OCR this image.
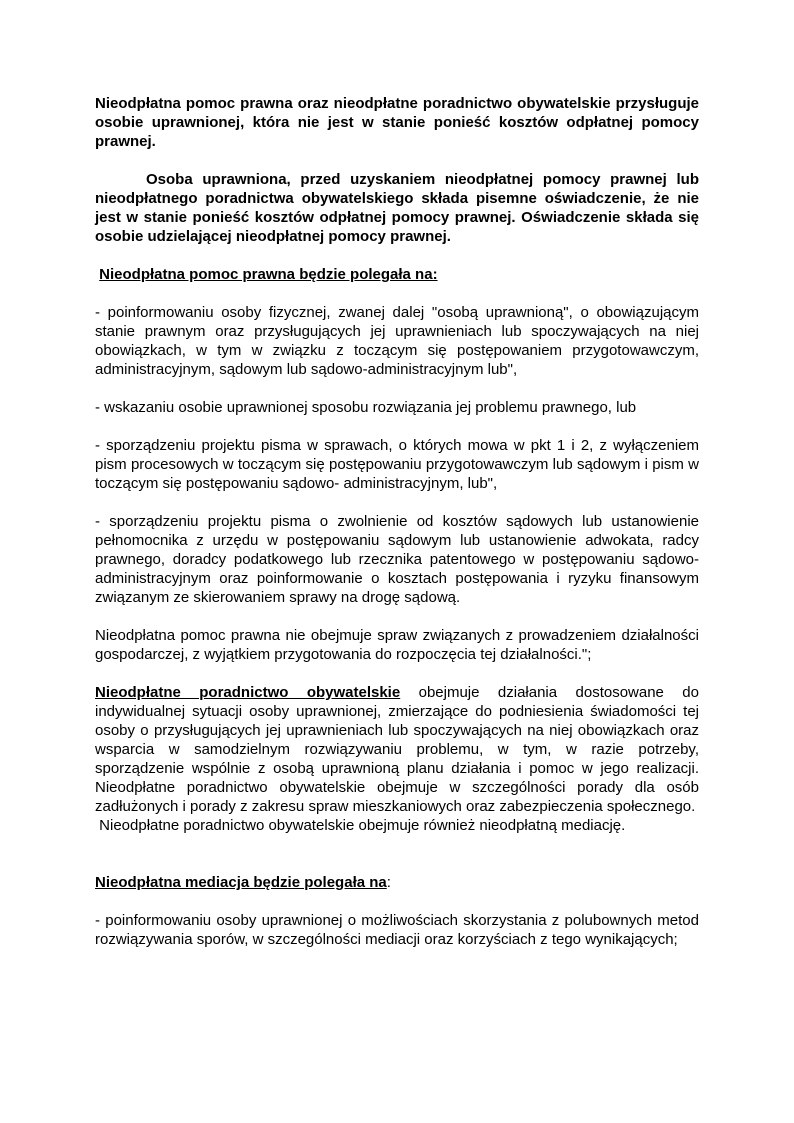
Nieodpłatna pomoc prawna oraz nieodpłatne poradnictwo obywatelskie przysługuje osobie uprawnionej, która nie jest w stanie ponieść kosztów odpłatnej pomocy prawnej.

Osoba uprawniona, przed uzyskaniem nieodpłatnej pomocy prawnej lub nieodpłatnego poradnictwa obywatelskiego składa pisemne oświadczenie, że nie jest w stanie ponieść kosztów odpłatnej pomocy prawnej. Oświadczenie składa się osobie udzielającej nieodpłatnej pomocy prawnej.

Nieodpłatna pomoc prawna będzie polegała na:

- poinformowaniu osoby fizycznej, zwanej dalej "osobą uprawnioną", o obowiązującym stanie prawnym oraz przysługujących jej uprawnieniach lub spoczywających na niej obowiązkach, w tym w związku z toczącym się postępowaniem przygotowawczym, administracyjnym, sądowym lub sądowo-administracyjnym lub",

- wskazaniu osobie uprawnionej sposobu rozwiązania jej problemu prawnego, lub

- sporządzeniu projektu pisma w sprawach, o których mowa w pkt 1 i 2, z wyłączeniem pism procesowych w toczącym się postępowaniu przygotowawczym lub sądowym i pism w toczącym się postępowaniu sądowo- administracyjnym, lub",

- sporządzeniu projektu pisma o zwolnienie od kosztów sądowych lub ustanowienie pełnomocnika z urzędu w postępowaniu sądowym lub ustanowienie adwokata, radcy prawnego, doradcy podatkowego lub rzecznika patentowego w postępowaniu sądowo- administracyjnym oraz poinformowanie o kosztach postępowania i ryzyku finansowym związanym ze skierowaniem sprawy na drogę sądową.

Nieodpłatna pomoc prawna nie obejmuje spraw związanych z prowadzeniem działalności gospodarczej, z wyjątkiem przygotowania do rozpoczęcia tej działalności.";

Nieodpłatne poradnictwo obywatelskie obejmuje działania dostosowane do indywidualnej sytuacji osoby uprawnionej, zmierzające do podniesienia świadomości tej osoby o przysługujących jej uprawnieniach lub spoczywających na niej obowiązkach oraz wsparcia w samodzielnym rozwiązywaniu problemu, w tym, w razie potrzeby, sporządzenie wspólnie z osobą uprawnioną planu działania i pomoc w jego realizacji. Nieodpłatne poradnictwo obywatelskie obejmuje w szczególności porady dla osób zadłużonych i porady z zakresu spraw mieszkaniowych oraz zabezpieczenia społecznego.
Nieodpłatne poradnictwo obywatelskie obejmuje również nieodpłatną mediację.

Nieodpłatna mediacja będzie polegała na:

- poinformowaniu osoby uprawnionej o możliwościach skorzystania z polubownych metod rozwiązywania sporów, w szczególności mediacji oraz korzyściach z tego wynikających;
